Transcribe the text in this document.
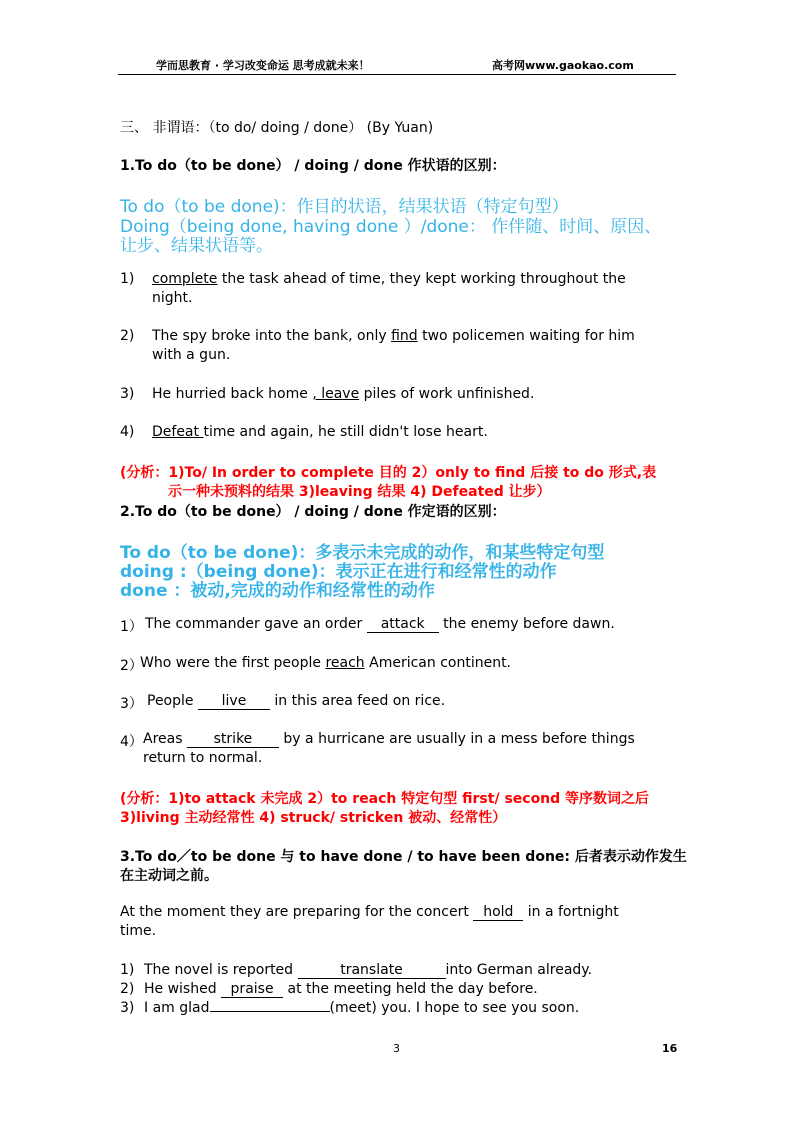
学而思教育 · 学习改变命运 思考成就未来！	高考网www.gaokao.com
三、 非谓语：（to do/ doing / done） (By Yuan)
1.To do（to be done） / doing / done 作状语的区别：
To do（to be done)：作目的状语，结果状语（特定句型）
Doing（being done, having done ）/done： 作伴随、时间、原因、
让步、结果状语等。
1) complete the task ahead of time, they kept working throughout the
night.
2) The spy broke into the bank, only find two policemen waiting for him
with a gun.
3) He hurried back home , leave piles of work unfinished.
4) Defeat time and again, he still didn't lose heart.
(分析：1)To/ In order to complete 目的 2）only to find 后接 to do 形式,表
示一种未预料的结果 3)leaving 结果 4) Defeated 让步）
2.To do（to be done） / doing / done 作定语的区别：
To do（to be done)：多表示未完成的动作，和某些特定句型
doing :（being done)：表示正在进行和经常性的动作
done ：被动,完成的动作和经常性的动作
1） The commander gave an order attack the enemy before dawn.
2）
Who were the first people reach American continent.
3） People live in this area feed on rice.
4） Areas strike by a hurricane are usually in a mess before things
return to normal.
(分析：1)to attack 未完成 2）to reach 特定句型 first/ second 等序数词之后
3)living 主动经常性 4) struck/ stricken 被动、经常性）
3.To do／to be done 与 to have done / to have been done: 后者表示动作发生
在主动词之前。
At the moment they are preparing for the concert hold in a fortnight
time.
1) The novel is reported	translate	into German already.
2) He wished praise at the meeting held the day before.
3) I am glad	(meet) you. I hope to see you soon.
3	16
